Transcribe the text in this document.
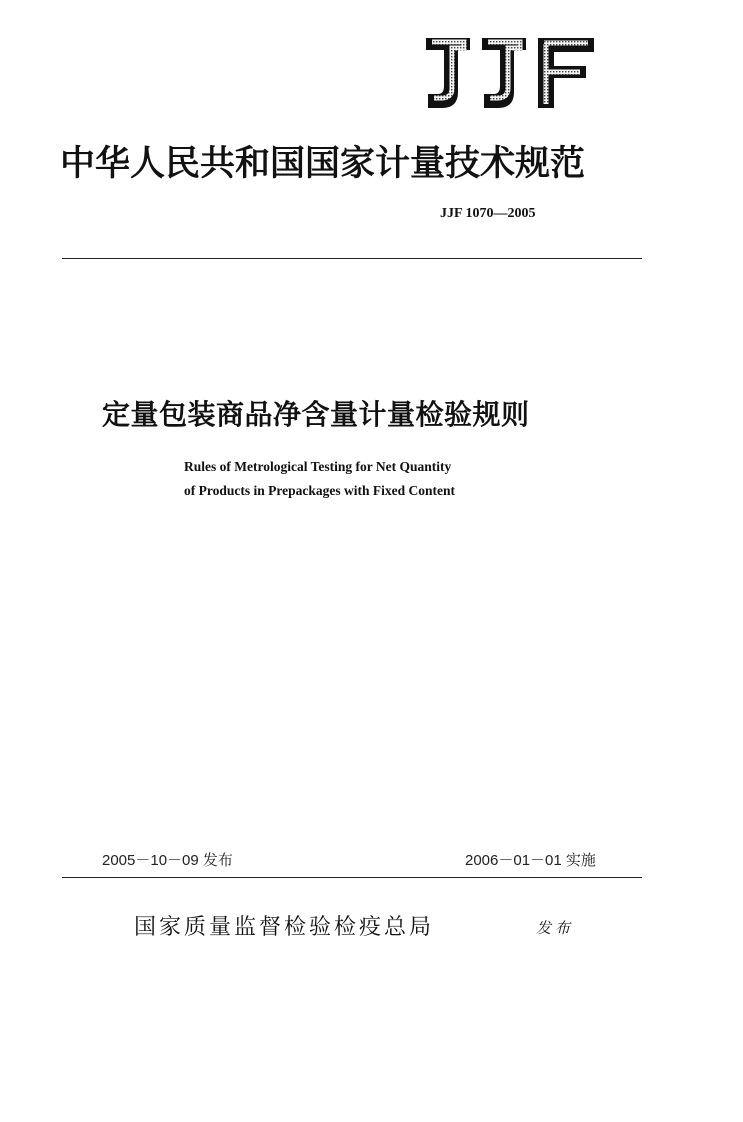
JJF
中华人民共和国国家计量技术规范
JJF 1070—2005
定量包装商品净含量计量检验规则
Rules of Metrological Testing for Net Quantity
of Products in Prepackages with Fixed Content
2005－10－09 发布	2006－01－01 实施
国家质量监督检验检疫总局	发布
